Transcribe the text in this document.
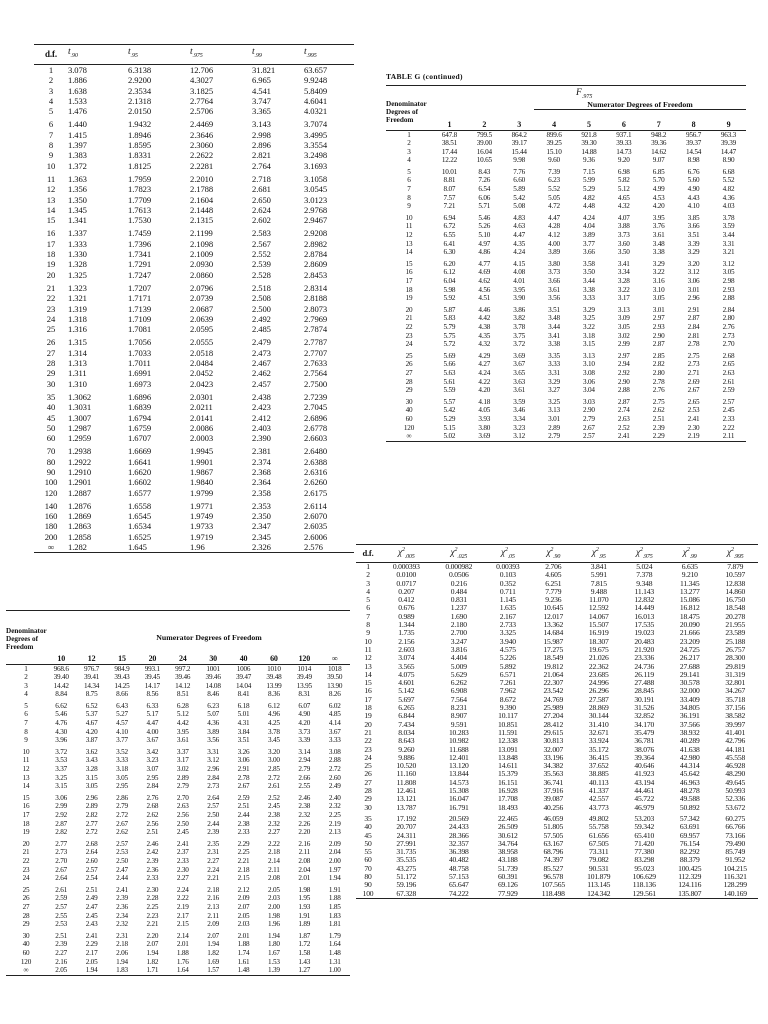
d.f.	$t_{.90}$	$t_{.95}$	$t_{.975}$	$t_{.99}$	$t_{.995}$
1	3.078	6.3138	12.706	31.821	63.657
2	1.886	2.9200	4.3027	6.965	9.9248
3	1.638	2.3534	3.1825	4.541	5.8409
4	1.533	2.1318	2.7764	3.747	4.6041
5	1.476	2.0150	2.5706	3.365	4.0321
6	1.440	1.9432	2.4469	3.143	3.7074
7	1.415	1.8946	2.3646	2.998	3.4995
8	1.397	1.8595	2.3060	2.896	3.3554
9	1.383	1.8331	2.2622	2.821	3.2498
10	1.372	1.8125	2.2281	2.764	3.1693
11	1.363	1.7959	2.2010	2.718	3.1058
12	1.356	1.7823	2.1788	2.681	3.0545
13	1.350	1.7709	2.1604	2.650	3.0123
14	1.345	1.7613	2.1448	2.624	2.9768
15	1.341	1.7530	2.1315	2.602	2.9467
16	1.337	1.7459	2.1199	2.583	2.9208
17	1.333	1.7396	2.1098	2.567	2.8982
18	1.330	1.7341	2.1009	2.552	2.8784
19	1.328	1.7291	2.0930	2.539	2.8609
20	1.325	1.7247	2.0860	2.528	2.8453
21	1.323	1.7207	2.0796	2.518	2.8314
22	1.321	1.7171	2.0739	2.508	2.8188
23	1.319	1.7139	2.0687	2.500	2.8073
24	1.318	1.7109	2.0639	2.492	2.7969
25	1.316	1.7081	2.0595	2.485	2.7874
26	1.315	1.7056	2.0555	2.479	2.7787
27	1.314	1.7033	2.0518	2.473	2.7707
28	1.313	1.7011	2.0484	2.467	2.7633
29	1.311	1.6991	2.0452	2.462	2.7564
30	1.310	1.6973	2.0423	2.457	2.7500
35	1.3062	1.6896	2.0301	2.438	2.7239
40	1.3031	1.6839	2.0211	2.423	2.7045
45	1.3007	1.6794	2.0141	2.412	2.6896
50	1.2987	1.6759	2.0086	2.403	2.6778
60	1.2959	1.6707	2.0003	2.390	2.6603
70	1.2938	1.6669	1.9945	2.381	2.6480
80	1.2922	1.6641	1.9901	2.374	2.6388
90	1.2910	1.6620	1.9867	2.368	2.6316
100	1.2901	1.6602	1.9840	2.364	2.6260
120	1.2887	1.6577	1.9799	2.358	2.6175
140	1.2876	1.6558	1.9771	2.353	2.6114
160	1.2869	1.6545	1.9749	2.350	2.6070
180	1.2863	1.6534	1.9733	2.347	2.6035
200	1.2858	1.6525	1.9719	2.345	2.6006
∞	1.282	1.645	1.96	2.326	2.576
TABLE G (continued)
$F_{.975}$
Denominator
Degrees of
Freedom
Numerator Degrees of Freedom
	1	2	3	4	5	6	7	8	9
1	647.8	799.5	864.2	899.6	921.8	937.1	948.2	956.7	963.3
2	38.51	39.00	39.17	39.25	39.30	39.33	39.36	39.37	39.39
3	17.44	16.04	15.44	15.10	14.88	14.73	14.62	14.54	14.47
4	12.22	10.65	9.98	9.60	9.36	9.20	9.07	8.98	8.90
5	10.01	8.43	7.76	7.39	7.15	6.98	6.85	6.76	6.68
6	8.81	7.26	6.60	6.23	5.99	5.82	5.70	5.60	5.52
7	8.07	6.54	5.89	5.52	5.29	5.12	4.99	4.90	4.82
8	7.57	6.06	5.42	5.05	4.82	4.65	4.53	4.43	4.36
9	7.21	5.71	5.08	4.72	4.48	4.32	4.20	4.10	4.03
10	6.94	5.46	4.83	4.47	4.24	4.07	3.95	3.85	3.78
11	6.72	5.26	4.63	4.28	4.04	3.88	3.76	3.66	3.59
12	6.55	5.10	4.47	4.12	3.89	3.73	3.61	3.51	3.44
13	6.41	4.97	4.35	4.00	3.77	3.60	3.48	3.39	3.31
14	6.30	4.86	4.24	3.89	3.66	3.50	3.38	3.29	3.21
15	6.20	4.77	4.15	3.80	3.58	3.41	3.29	3.20	3.12
16	6.12	4.69	4.08	3.73	3.50	3.34	3.22	3.12	3.05
17	6.04	4.62	4.01	3.66	3.44	3.28	3.16	3.06	2.98
18	5.98	4.56	3.95	3.61	3.38	3.22	3.10	3.01	2.93
19	5.92	4.51	3.90	3.56	3.33	3.17	3.05	2.96	2.88
20	5.87	4.46	3.86	3.51	3.29	3.13	3.01	2.91	2.84
21	5.83	4.42	3.82	3.48	3.25	3.09	2.97	2.87	2.80
22	5.79	4.38	3.78	3.44	3.22	3.05	2.93	2.84	2.76
23	5.75	4.35	3.75	3.41	3.18	3.02	2.90	2.81	2.73
24	5.72	4.32	3.72	3.38	3.15	2.99	2.87	2.78	2.70
25	5.69	4.29	3.69	3.35	3.13	2.97	2.85	2.75	2.68
26	5.66	4.27	3.67	3.33	3.10	2.94	2.82	2.73	2.65
27	5.63	4.24	3.65	3.31	3.08	2.92	2.80	2.71	2.63
28	5.61	4.22	3.63	3.29	3.06	2.90	2.78	2.69	2.61
29	5.59	4.20	3.61	3.27	3.04	2.88	2.76	2.67	2.59
30	5.57	4.18	3.59	3.25	3.03	2.87	2.75	2.65	2.57
40	5.42	4.05	3.46	3.13	2.90	2.74	2.62	2.53	2.45
60	5.29	3.93	3.34	3.01	2.79	2.63	2.51	2.41	2.33
120	5.15	3.80	3.23	2.89	2.67	2.52	2.39	2.30	2.22
∞	5.02	3.69	3.12	2.79	2.57	2.41	2.29	2.19	2.11
Denominator
Degrees of
Freedom
Numerator Degrees of Freedom
	10	12	15	20	24	30	40	60	120	∞
1	968.6	976.7	984.9	993.1	997.2	1001	1006	1010	1014	1018
2	39.40	39.41	39.43	39.45	39.46	39.46	39.47	39.48	39.49	39.50
3	14.42	14.34	14.25	14.17	14.12	14.08	14.04	13.99	13.95	13.90
4	8.84	8.75	8.66	8.56	8.51	8.46	8.41	8.36	8.31	8.26
5	6.62	6.52	6.43	6.33	6.28	6.23	6.18	6.12	6.07	6.02
6	5.46	5.37	5.27	5.17	5.12	5.07	5.01	4.96	4.90	4.85
7	4.76	4.67	4.57	4.47	4.42	4.36	4.31	4.25	4.20	4.14
8	4.30	4.20	4.10	4.00	3.95	3.89	3.84	3.78	3.73	3.67
9	3.96	3.87	3.77	3.67	3.61	3.56	3.51	3.45	3.39	3.33
10	3.72	3.62	3.52	3.42	3.37	3.31	3.26	3.20	3.14	3.08
11	3.53	3.43	3.33	3.23	3.17	3.12	3.06	3.00	2.94	2.88
12	3.37	3.28	3.18	3.07	3.02	2.96	2.91	2.85	2.79	2.72
13	3.25	3.15	3.05	2.95	2.89	2.84	2.78	2.72	2.66	2.60
14	3.15	3.05	2.95	2.84	2.79	2.73	2.67	2.61	2.55	2.49
15	3.06	2.96	2.86	2.76	2.70	2.64	2.59	2.52	2.46	2.40
16	2.99	2.89	2.79	2.68	2.63	2.57	2.51	2.45	2.38	2.32
17	2.92	2.82	2.72	2.62	2.56	2.50	2.44	2.38	2.32	2.25
18	2.87	2.77	2.67	2.56	2.50	2.44	2.38	2.32	2.26	2.19
19	2.82	2.72	2.62	2.51	2.45	2.39	2.33	2.27	2.20	2.13
20	2.77	2.68	2.57	2.46	2.41	2.35	2.29	2.22	2.16	2.09
21	2.73	2.64	2.53	2.42	2.37	2.31	2.25	2.18	2.11	2.04
22	2.70	2.60	2.50	2.39	2.33	2.27	2.21	2.14	2.08	2.00
23	2.67	2.57	2.47	2.36	2.30	2.24	2.18	2.11	2.04	1.97
24	2.64	2.54	2.44	2.33	2.27	2.21	2.15	2.08	2.01	1.94
25	2.61	2.51	2.41	2.30	2.24	2.18	2.12	2.05	1.98	1.91
26	2.59	2.49	2.39	2.28	2.22	2.16	2.09	2.03	1.95	1.88
27	2.57	2.47	2.36	2.25	2.19	2.13	2.07	2.00	1.93	1.85
28	2.55	2.45	2.34	2.23	2.17	2.11	2.05	1.98	1.91	1.83
29	2.53	2.43	2.32	2.21	2.15	2.09	2.03	1.96	1.89	1.81
30	2.51	2.41	2.31	2.20	2.14	2.07	2.01	1.94	1.87	1.79
40	2.39	2.29	2.18	2.07	2.01	1.94	1.88	1.80	1.72	1.64
60	2.27	2.17	2.06	1.94	1.88	1.82	1.74	1.67	1.58	1.48
120	2.16	2.05	1.94	1.82	1.76	1.69	1.61	1.53	1.43	1.31
∞	2.05	1.94	1.83	1.71	1.64	1.57	1.48	1.39	1.27	1.00
d.f.	$\chi^2_{.005}$	$\chi^2_{.025}$	$\chi^2_{.05}$	$\chi^2_{.90}$	$\chi^2_{.95}$	$\chi^2_{.975}$	$\chi^2_{.99}$	$\chi^2_{.995}$
1	0.000393	0.000982	0.00393	2.706	3.841	5.024	6.635	7.879
2	0.0100	0.0506	0.103	4.605	5.991	7.378	9.210	10.597
3	0.0717	0.216	0.352	6.251	7.815	9.348	11.345	12.838
4	0.207	0.484	0.711	7.779	9.488	11.143	13.277	14.860
5	0.412	0.831	1.145	9.236	11.070	12.832	15.086	16.750
6	0.676	1.237	1.635	10.645	12.592	14.449	16.812	18.548
7	0.989	1.690	2.167	12.017	14.067	16.013	18.475	20.278
8	1.344	2.180	2.733	13.362	15.507	17.535	20.090	21.955
9	1.735	2.700	3.325	14.684	16.919	19.023	21.666	23.589
10	2.156	3.247	3.940	15.987	18.307	20.483	23.209	25.188
11	2.603	3.816	4.575	17.275	19.675	21.920	24.725	26.757
12	3.074	4.404	5.226	18.549	21.026	23.336	26.217	28.300
13	3.565	5.009	5.892	19.812	22.362	24.736	27.688	29.819
14	4.075	5.629	6.571	21.064	23.685	26.119	29.141	31.319
15	4.601	6.262	7.261	22.307	24.996	27.488	30.578	32.801
16	5.142	6.908	7.962	23.542	26.296	28.845	32.000	34.267
17	5.697	7.564	8.672	24.769	27.587	30.191	33.409	35.718
18	6.265	8.231	9.390	25.989	28.869	31.526	34.805	37.156
19	6.844	8.907	10.117	27.204	30.144	32.852	36.191	38.582
20	7.434	9.591	10.851	28.412	31.410	34.170	37.566	39.997
21	8.034	10.283	11.591	29.615	32.671	35.479	38.932	41.401
22	8.643	10.982	12.338	30.813	33.924	36.781	40.289	42.796
23	9.260	11.688	13.091	32.007	35.172	38.076	41.638	44.181
24	9.886	12.401	13.848	33.196	36.415	39.364	42.980	45.558
25	10.520	13.120	14.611	34.382	37.652	40.646	44.314	46.928
26	11.160	13.844	15.379	35.563	38.885	41.923	45.642	48.290
27	11.808	14.573	16.151	36.741	40.113	43.194	46.963	49.645
28	12.461	15.308	16.928	37.916	41.337	44.461	48.278	50.993
29	13.121	16.047	17.708	39.087	42.557	45.722	49.588	52.336
30	13.787	16.791	18.493	40.256	43.773	46.979	50.892	53.672
35	17.192	20.569	22.465	46.059	49.802	53.203	57.342	60.275
40	20.707	24.433	26.509	51.805	55.758	59.342	63.691	66.766
45	24.311	28.366	30.612	57.505	61.656	65.410	69.957	73.166
50	27.991	32.357	34.764	63.167	67.505	71.420	76.154	79.490
55	31.735	36.398	38.958	68.796	73.311	77.380	82.292	85.749
60	35.535	40.482	43.188	74.397	79.082	83.298	88.379	91.952
70	43.275	48.758	51.739	85.527	90.531	95.023	100.425	104.215
80	51.172	57.153	60.391	96.578	101.879	106.629	112.329	116.321
90	59.196	65.647	69.126	107.565	113.145	118.136	124.116	128.299
100	67.328	74.222	77.929	118.498	124.342	129.561	135.807	140.169
